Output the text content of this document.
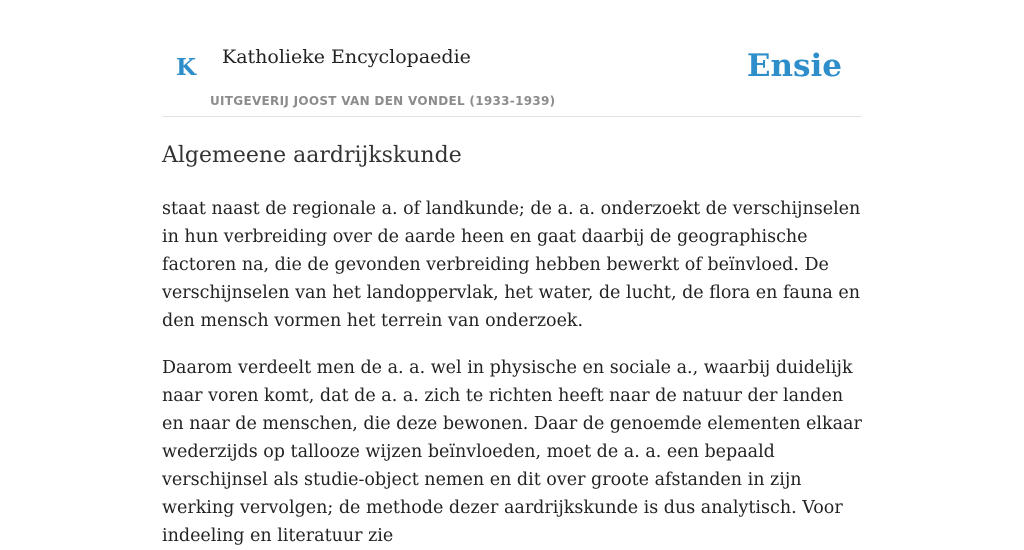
K Katholieke Encyclopaedie
UITGEVERIJ JOOST VAN DEN VONDEL (1933-1939)
Ensie
Algemeene aardrijkskunde

staat naast de regionale a. of landkunde; de a. a. onderzoekt de verschijnselen in hun verbreiding over de aarde heen en gaat daarbij de geographische factoren na, die de gevonden verbreiding hebben bewerkt of beïnvloed. De verschijnselen van het landoppervlak, het water, de lucht, de flora en fauna en den mensch vormen het terrein van onderzoek.

Daarom verdeelt men de a. a. wel in physische en sociale a., waarbij duidelijk naar voren komt, dat de a. a. zich te richten heeft naar de natuur der landen en naar de menschen, die deze bewonen. Daar de genoemde elementen elkaar wederzijds op tallooze wijzen beïnvloeden, moet de a. a. een bepaald verschijnsel als studie-object nemen en dit over groote afstanden in zijn werking vervolgen; de methode dezer aardrijkskunde is dus analytisch. Voor indeeling en literatuur zie
